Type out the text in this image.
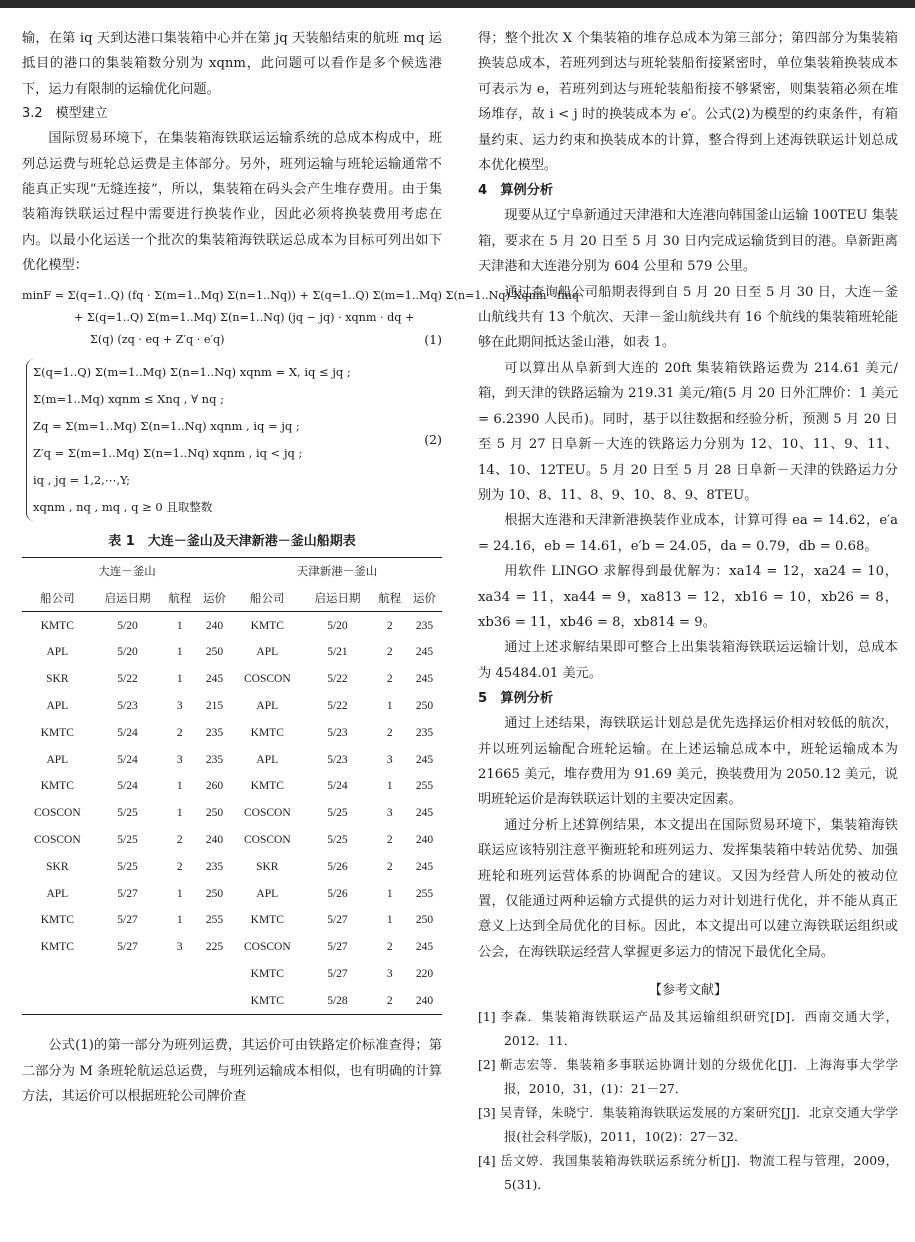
输，在第 iq 天到达港口集装箱中心并在第 jq 天装船结束的航班 mq 运抵目的港口的集装箱数分别为 xqnm，此问题可以看作是多个候选港下，运力有限制的运输优化问题。

3.2　模型建立

国际贸易环境下，在集装箱海铁联运运输系统的总成本构成中，班列总运费与班轮总运费是主体部分。另外，班列运输与班轮运输通常不能真正实现“无缝连接”，所以，集装箱在码头会产生堆存费用。由于集装箱海铁联运过程中需要进行换装作业，因此必须将换装费用考虑在内。以最小化运送一个批次的集装箱海铁联运总成本为目标可列出如下优化模型：

minF = Σ(q=1..Q) (fq · Σ(m=1..Mq) Σ(n=1..Nq)) + Σ(q=1..Q) Σ(m=1..Mq) Σ(n=1..Nq) Xqnm · fmq
+ Σ(q=1..Q) Σ(m=1..Mq) Σ(n=1..Nq) (jq − jq) · xqnm · dq +
Σ(q) (zq · eq + Z′q · e′q)	(1)
Σ(q=1..Q) Σ(m=1..Mq) Σ(n=1..Nq) xqnm = X, iq ≤ jq ;
Σ(m=1..Mq) xqnm ≤ Xnq , ∀ nq ;
Zq = Σ(m=1..Mq) Σ(n=1..Nq) xqnm , iq = jq ;
Z′q = Σ(m=1..Mq) Σ(n=1..Nq) xqnm , iq < jq ;
iq , jq = 1,2,⋯,Y;
xqnm , nq , mq , q ≥ 0 且取整数
(2)
表 1　大连－釜山及天津新港－釜山船期表
大连－釜山				天津新港－釜山			
船公司	启运日期	航程	运价	船公司	启运日期	航程	运价
KMTC	5/20	1	240	KMTC	5/20	2	235
APL	5/20	1	250	APL	5/21	2	245
SKR	5/22	1	245	COSCON	5/22	2	245
APL	5/23	3	215	APL	5/22	1	250
KMTC	5/24	2	235	KMTC	5/23	2	235
APL	5/24	3	235	APL	5/23	3	245
KMTC	5/24	1	260	KMTC	5/24	1	255
COSCON	5/25	1	250	COSCON	5/25	3	245
COSCON	5/25	2	240	COSCON	5/25	2	240
SKR	5/25	2	235	SKR	5/26	2	245
APL	5/27	1	250	APL	5/26	1	255
KMTC	5/27	1	255	KMTC	5/27	1	250
KMTC	5/27	3	225	COSCON	5/27	2	245
				KMTC	5/27	3	220
				KMTC	5/28	2	240

公式(1)的第一部分为班列运费，其运价可由铁路定价标准查得；第二部分为 M 条班轮航运总运费，与班列运输成本相似，也有明确的计算方法，其运价可以根据班轮公司牌价查

得；整个批次 X 个集装箱的堆存总成本为第三部分；第四部分为集装箱换装总成本，若班列到达与班轮装船衔接紧密时，单位集装箱换装成本可表示为 e，若班列到达与班轮装船衔接不够紧密，则集装箱必须在堆场堆存，故 i < j 时的换装成本为 e′。公式(2)为模型的约束条件，有箱量约束、运力约束和换装成本的计算，整合得到上述海铁联运计划总成本优化模型。

4　算例分析

现要从辽宁阜新通过天津港和大连港向韩国釜山运输 100TEU 集装箱，要求在 5 月 20 日至 5 月 30 日内完成运输货到目的港。阜新距离天津港和大连港分别为 604 公里和 579 公里。

通过查询船公司船期表得到自 5 月 20 日至 5 月 30 日，大连－釜山航线共有 13 个航次、天津－釜山航线共有 16 个航线的集装箱班轮能够在此期间抵达釜山港，如表 1。

可以算出从阜新到大连的 20ft 集装箱铁路运费为 214.61 美元/箱，到天津的铁路运输为 219.31 美元/箱(5 月 20 日外汇牌价：1 美元 = 6.2390 人民币)。同时，基于以往数据和经验分析，预测 5 月 20 日至 5 月 27 日阜新－大连的铁路运力分别为 12、10、11、9、11、14、10、12TEU。5 月 20 日至 5 月 28 日阜新－天津的铁路运力分别为 10、8、11、8、9、10、8、9、8TEU。

根据大连港和天津新港换装作业成本，计算可得 ea = 14.62，e′a = 24.16，eb = 14.61，e′b = 24.05，da = 0.79，db = 0.68。

用软件 LINGO 求解得到最优解为：xa14 = 12，xa24 = 10，xa34 = 11，xa44 = 9，xa813 = 12，xb16 = 10，xb26 = 8，xb36 = 11，xb46 = 8，xb814 = 9。

通过上述求解结果即可整合上出集装箱海铁联运运输计划，总成本为 45484.01 美元。

5　算例分析

通过上述结果，海铁联运计划总是优先选择运价相对较低的航次，并以班列运输配合班轮运输。在上述运输总成本中，班轮运输成本为 21665 美元，堆存费用为 91.69 美元，换装费用为 2050.12 美元，说明班轮运价是海铁联运计划的主要决定因素。

通过分析上述算例结果，本文提出在国际贸易环境下，集装箱海铁联运应该特别注意平衡班轮和班列运力、发挥集装箱中转站优势、加强班轮和班列运营体系的协调配合的建议。又因为经营人所处的被动位置，仅能通过两种运输方式提供的运力对计划进行优化，并不能从真正意义上达到全局优化的目标。因此，本文提出可以建立海铁联运组织或公会，在海铁联运经营人掌握更多运力的情况下最优化全局。

【参考文献】

[1] 李森．集装箱海铁联运产品及其运输组织研究[D]．西南交通大学，2012．11．

[2] 靳志宏等．集装箱多事联运协调计划的分级优化[J]．上海海事大学学报，2010，31，(1)：21－27．

[3] 吴青铎，朱晓宁．集装箱海铁联运发展的方案研究[J]．北京交通大学学报(社会科学版)，2011，10(2)：27－32．

[4] 岳文婷．我国集装箱海铁联运系统分析[J]．物流工程与管理，2009，5(31)．
